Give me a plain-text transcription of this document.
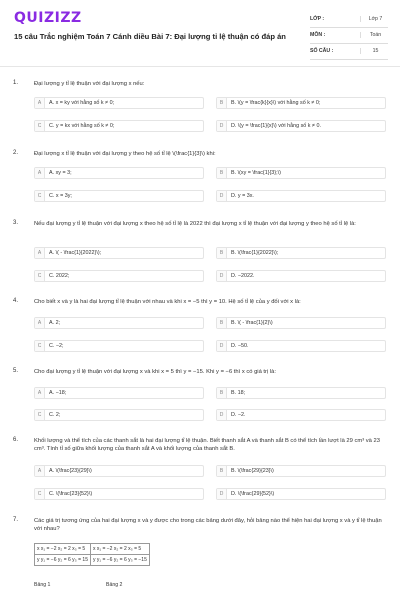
QUIZIZZ
15 câu Trắc nghiệm Toán 7 Cánh diều Bài 7: Đại lượng tỉ lệ thuận có đáp án
LỚP :	Lớp 7
MÔN :	Toán
SỐ CÂU :	15
1.	Đại lượng y tỉ lệ thuận với đại lượng x nếu:
A	A. x = ky với hằng số k ≠ 0;	B	B. \(y = \frac{k}{x}\) với hằng số k ≠ 0;
C	C. y = kx với hằng số k ≠ 0;	D	D. \(y = \frac{1}{x}\) với hằng số k ≠ 0.
2.	Đại lượng x tỉ lệ thuận với đại lượng y theo hệ số tỉ lệ \(\frac{1}{3}\) khi:
A	A. xy = 3;	B	B. \(xy = \frac{1}{3};\)
C	C. x = 3y;	D	D. y = 3x.
3.	Nếu đại lượng y tỉ lệ thuận với đại lượng x theo hệ số tỉ lệ là 2022 thì đại lượng x tỉ lệ thuận với đại lượng y theo hệ số tỉ lệ là:
A	A. \( - \frac{1}{2022}\);	B	B. \(\frac{1}{2022}\);
C	C. 2022;	D	D. −2022.
4.	Cho biết x và y là hai đại lượng tỉ lệ thuận với nhau và khi x = −5 thì y = 10. Hệ số tỉ lệ của y đối với x là:
A	A. 2;	B	B. \( - \frac{1}{2}\)
C	C. −2;	D	D. −50.
5.	Cho đại lượng y tỉ lệ thuận với đại lượng x và khi x = 5 thì y = −15. Khi y = −6 thì x có giá trị là:
A	A. −18;	B	B. 18;
C	C. 2;	D	D. −2.
6.	Khối lượng và thể tích của các thanh sắt là hai đại lượng tỉ lệ thuận. Biết thanh sắt A và thanh sắt B có thể tích lần lượt là 29 cm³ và 23 cm³. Tính tỉ số giữa khối lượng của thanh sắt A và khối lượng của thanh sắt B.
A	A. \(\frac{23}{29}\)	B	B. \(\frac{29}{23}\)
C	C. \(\frac{23}{52}\)	D	D. \(\frac{29}{52}\)
7.	Các giá trị tương ứng của hai đại lượng x và y được cho trong các bảng dưới đây, hỏi bảng nào thể hiện hai đại lượng x và y tỉ lệ thuận với nhau?
x x₁ = −2 x₂ = 2 x₃ = 5	x x₁ = −2 x₂ = 2 x₃ = 5
y y₁ = −6 y₂ = 6 y₃ = 15	y y₁ = −6 y₂ = 6 y₃ = −15
Bảng 1	Bảng 2
